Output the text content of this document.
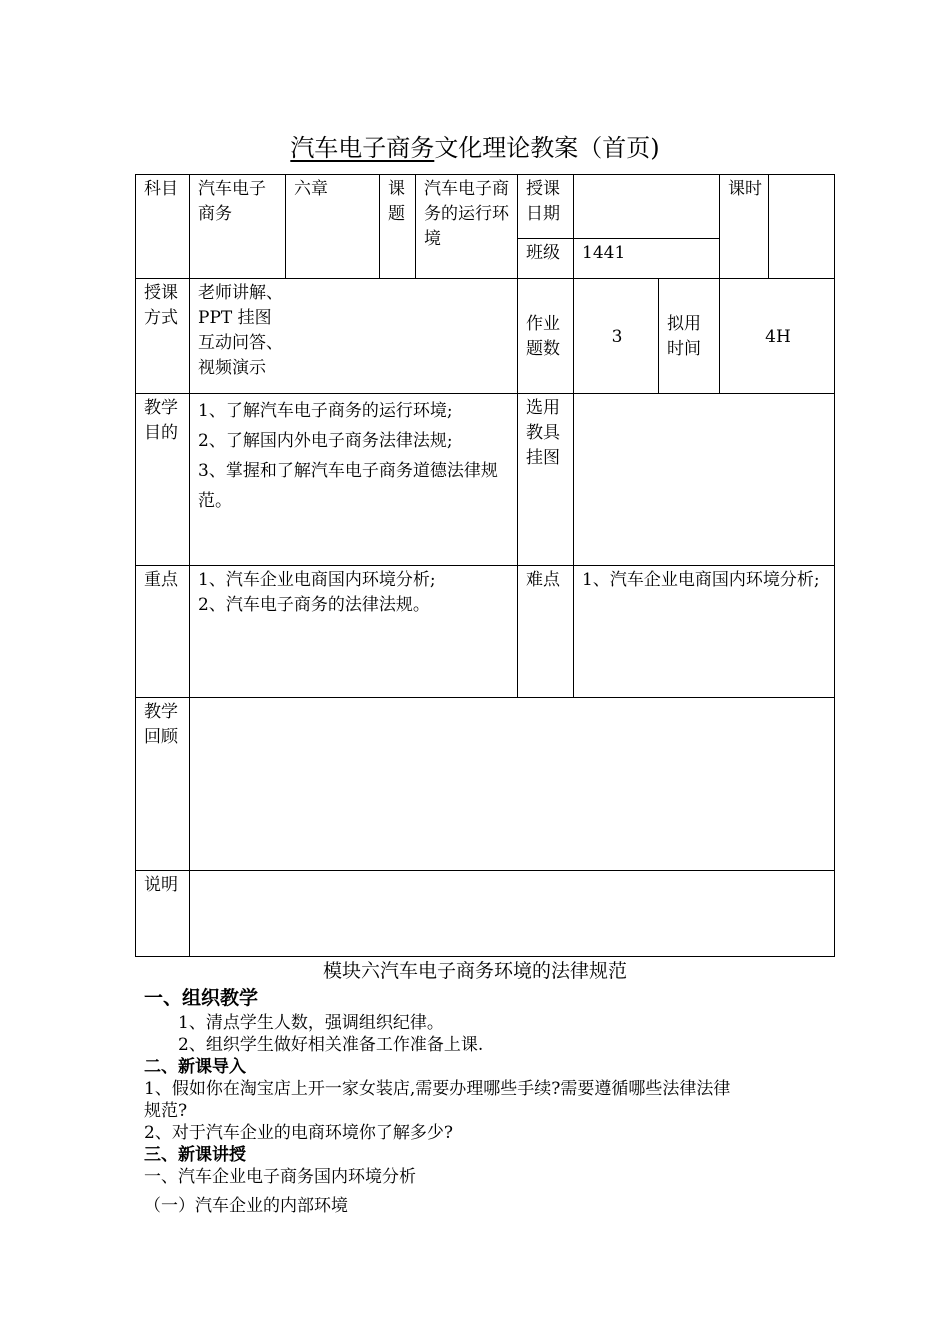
汽车电子商务文化理论教案（首页)
科目	汽车电子商务	六章	课题	汽车电子商务的运行环境	授课日期			课时	
					班级	1441			
授课方式	老师讲解、
PPT 挂图
互动问答、
视频演示				作业题数	3	拟用时间	4H	
教学目的	1、了解汽车电子商务的运行环境;
2、了解国内外电子商务法律法规;
3、掌握和了解汽车电子商务道德法律规范。				选用教具挂图				
重点	1、汽车企业电商国内环境分析;
2、汽车电子商务的法律法规。				难点	1、汽车企业电商国内环境分析;			
教学回顾									
说明									
模块六汽车电子商务环境的法律规范
一、组织教学
1、清点学生人数，强调组织纪律。
2、组织学生做好相关准备工作准备上课.
二、新课导入
1、假如你在淘宝店上开一家女装店,需要办理哪些手续?需要遵循哪些法律法律
规范?
2、对于汽车企业的电商环境你了解多少?
三、新课讲授
一、汽车企业电子商务国内环境分析
（一）汽车企业的内部环境
